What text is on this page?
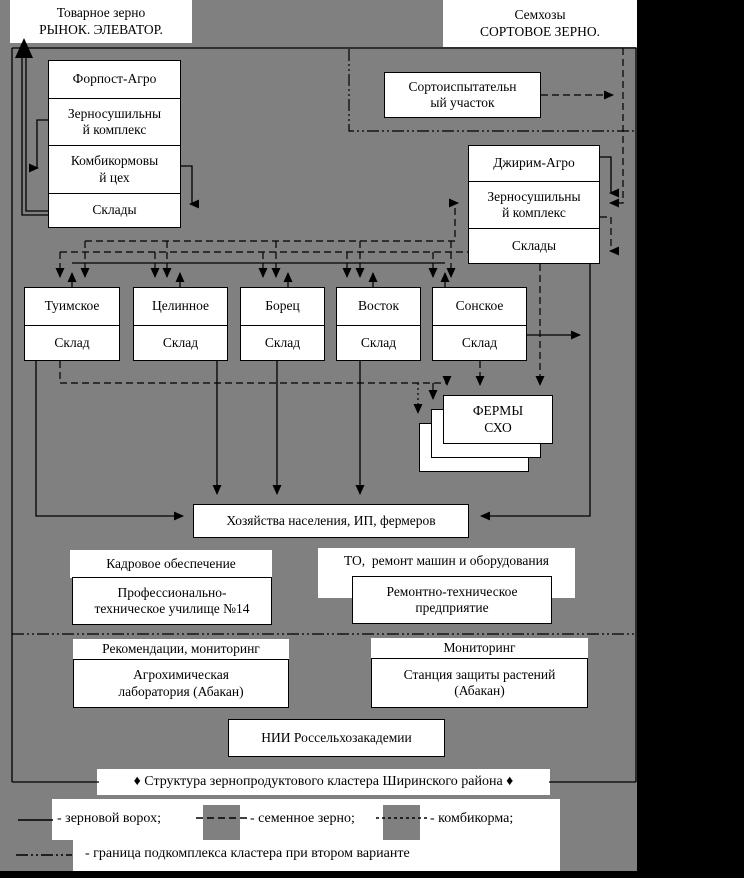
Товарное зерно
РЫНОК. ЭЛЕВАТОР.
Семхозы
СОРТОВОЕ ЗЕРНО.
Форпост-Агро
Зерносушильны
й комплекс
Комбикормовы
й цех
Склады
Сортоиспытательн
ый участок
Джирим-Агро
Зерносушильны
й комплекс
Склады
Туимское
Склад
Целинное
Склад
Борец
Склад
Восток
Склад
Сонское
Склад
ФЕРМЫ
СХО
Хозяйства населения, ИП, фермеров
Кадровое обеспечение
Профессионально-
техническое училище №14
ТО,  ремонт машин и оборудования
Ремонтно-техническое
предприятие
Рекомендации, мониторинг
Агрохимическая
лаборатория (Абакан)
Мониторинг
Станция защиты растений
(Абакан)
НИИ Россельхозакадемии
♦ Структура зернопродуктового кластера Ширинского района ♦
- зерновой ворох;	- семенное зерно;	- комбикорма;
- граница подкомплекса кластера при втором варианте
